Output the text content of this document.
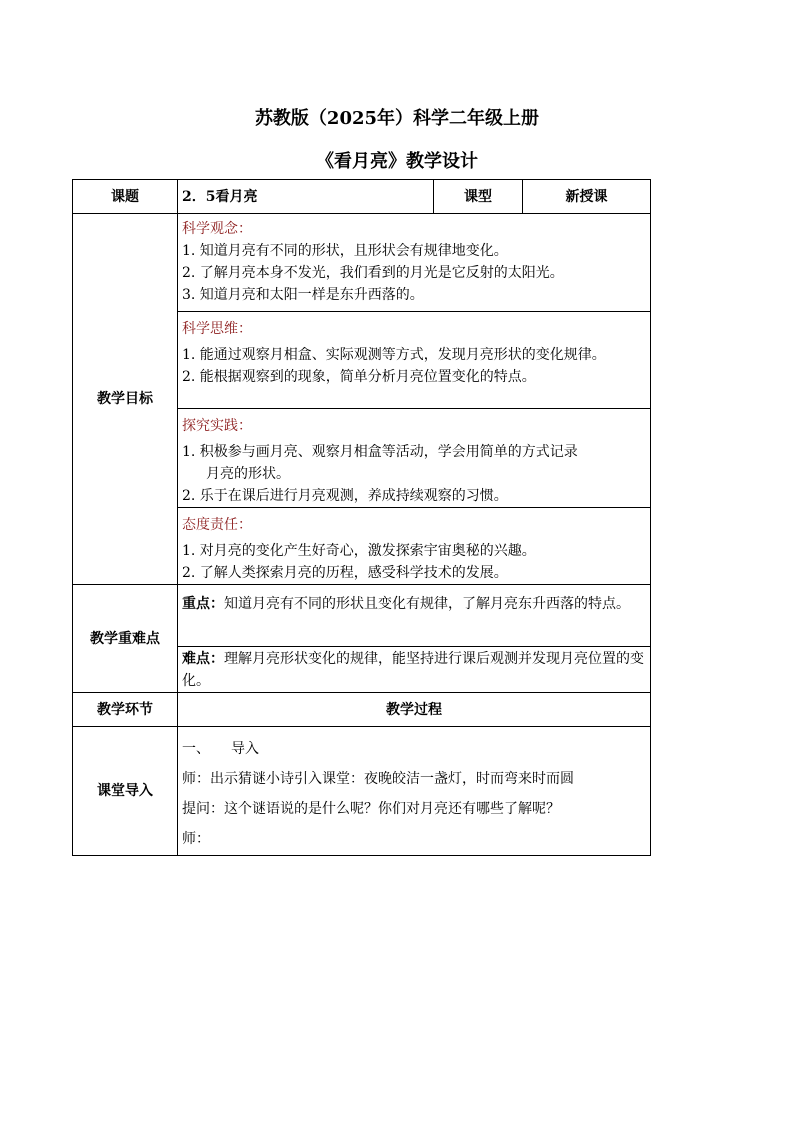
苏教版（2025年）科学二年级上册
《看月亮》教学设计
课题	2．5看月亮	课型	新授课
教学目标	科学观念：
1. 知道月亮有不同的形状，且形状会有规律地变化。
2. 了解月亮本身不发光，我们看到的月光是它反射的太阳光。
3. 知道月亮和太阳一样是东升西落的。		

	科学思维：
1. 能通过观察月相盒、实际观测等方式，发现月亮形状的变化规律。
2. 能根据观察到的现象，简单分析月亮位置变化的特点。		

	探究实践：
1. 积极参与画月亮、观察月相盒等活动，学会用简单的方式记录
月亮的形状。
2. 乐于在课后进行月亮观测，养成持续观察的习惯。		

	态度责任：
1. 对月亮的变化产生好奇心，激发探索宇宙奥秘的兴趣。
2. 了解人类探索月亮的历程，感受科学技术的发展。		

教学重难点	重点：知道月亮有不同的形状且变化有规律，了解月亮东升西落的特点。		
	难点：理解月亮形状变化的规律，能坚持进行课后观测并发现月亮位置的变化。		
教学环节	教学过程		
课堂导入	一、　　导入
师：出示猜谜小诗引入课堂：夜晚皎洁一盏灯，时而弯来时而圆
提问：这个谜语说的是什么呢？你们对月亮还有哪些了解呢？
师：		
